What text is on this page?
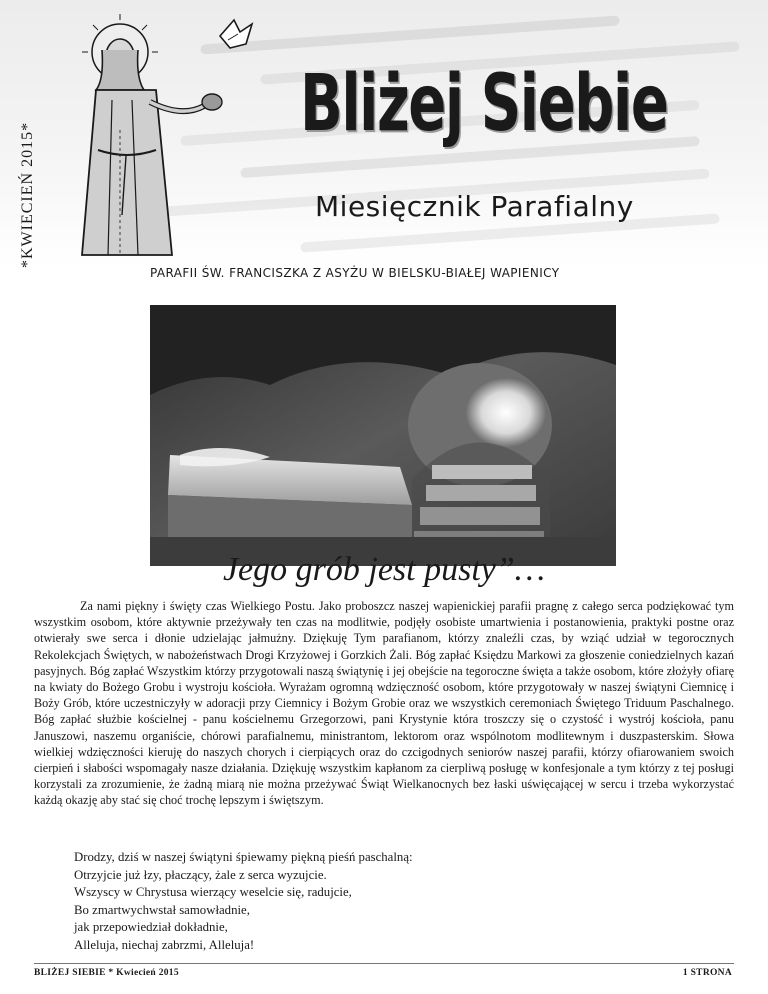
*KWIECIEŃ 2015*
Bliżej Siebie
Miesięcznik Parafialny
PARAFII ŚW. FRANCISZKA Z ASYŻU W BIELSKU-BIAŁEJ WAPIENICY
Jego grób jest pusty”…

Za nami piękny i święty czas Wielkiego Postu. Jako proboszcz naszej wapienickiej parafii pragnę z całego serca podziękować tym wszystkim osobom, które aktywnie przeżywały ten czas na modlitwie, podjęły osobiste umartwienia i postanowienia, praktyki postne oraz otwierały swe serca i dłonie udzielając jałmużny. Dziękuję Tym parafianom, którzy znaleźli czas, by wziąć udział w tegorocznych Rekolekcjach Świętych, w nabożeństwach Drogi Krzyżowej i Gorzkich Żali. Bóg zapłać Księdzu Markowi za głoszenie coniedzielnych kazań pasyjnych. Bóg zapłać Wszystkim którzy przygotowali naszą świątynię i jej obejście na tegoroczne święta a także osobom, które złożyły ofiarę na kwiaty do Bożego Grobu i wystroju kościoła. Wyrażam ogromną wdzięczność osobom, które przygotowały w naszej świątyni Ciemnicę i Boży Grób, które uczestniczyły w adoracji przy Ciemnicy i Bożym Grobie oraz we wszystkich ceremoniach Świętego Triduum Paschalnego. Bóg zapłać służbie kościelnej - panu kościelnemu Grzegorzowi, pani Krystynie która troszczy się o czystość i wystrój kościoła, panu Januszowi, naszemu organiście, chórowi parafialnemu, ministrantom, lektorom oraz wspólnotom modlitewnym i duszpasterskim. Słowa wielkiej wdzięczności kieruję do naszych chorych i cierpiących oraz do czcigodnych seniorów naszej parafii, którzy ofiarowaniem swoich cierpień i słabości wspomagały nasze działania. Dziękuję wszystkim kapłanom za cierpliwą posługę w konfesjonale a tym którzy z tej posługi korzystali za zrozumienie, że żadną miarą nie można przeżywać Świąt Wielkanocnych bez łaski uświęcającej w sercu i trzeba wykorzystać każdą okazję aby stać się choć trochę lepszym i świętszym.

Drodzy, dziś w naszej świątyni śpiewamy piękną pieśń paschalną:
Otrzyjcie już łzy, płaczący, żale z serca wyzujcie.
Wszyscy w Chrystusa wierzący weselcie się, radujcie,
Bo zmartwychwstał samowładnie,
jak przepowiedział dokładnie,
Alleluja, niechaj zabrzmi, Alleluja!
BLIŻEJ SIEBIE * Kwiecień 2015	1 STRONA
